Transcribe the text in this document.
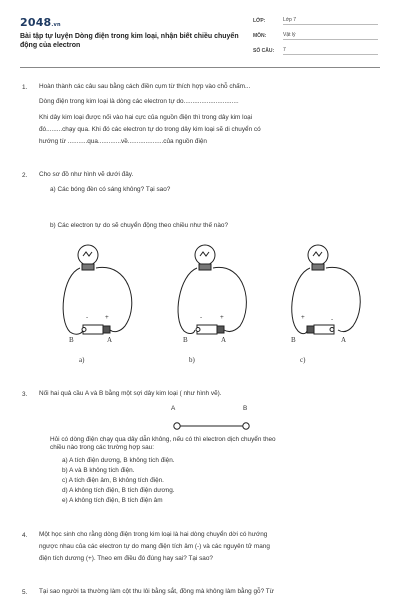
2048.vn
Bài tập tự luyện Dòng điện trong kim loại, nhận biết chiều chuyển động của electron
LỚP:	Lớp 7
MÔN:	Vật lý
SỐ CÂU: 7
1. Hoàn thành các câu sau bằng cách điền cụm từ thích hợp vào chỗ chấm...
Dòng điện trong kim loại là dòng các electron tự do...............................
Khi dây kim loại được nối vào hai cực của nguồn điện thì trong dây kim loại
đó.........chạy qua. Khi đó các electron tự do trong dây kim loại sẽ di chuyển có
hướng từ ...........qua.............về....................của nguồn điện
2. Cho sơ đồ như hình vẽ dưới đây.
a) Các bóng đèn có sáng không? Tại sao?
b) Các electron tự do sẽ chuyển động theo chiều như thế nào?
+
-
B	A
a)
+
-
B	A
b)
+	-
B	A
c)
3. Nối hai quả cầu A và B bằng một sợi dây kim loại ( như hình vẽ).
A	B
Hỏi có dòng điện chạy qua dây dẫn không, nếu có thì electron dịch chuyển theo
chiều nào trong các trường hợp sau:
a) A tích điện dương, B không tích điện.
b) A và B không tích điện.
c) A tích điện âm, B không tích điện.
d) A không tích điện, B tích điện dương.
e) A không tích điện, B tích điện âm
4. Một học sinh cho rằng dòng điện trong kim loại là hai dòng chuyển dời có hướng
ngược nhau của các electron tự do mang điện tích âm (-) và các nguyên tử mang
điện tích dương (+). Theo em điều đó đúng hay sai? Tại sao?
5. Tại sao người ta thường làm cột thu lôi bằng sắt, đồng mà không làm bằng gỗ? Từ
